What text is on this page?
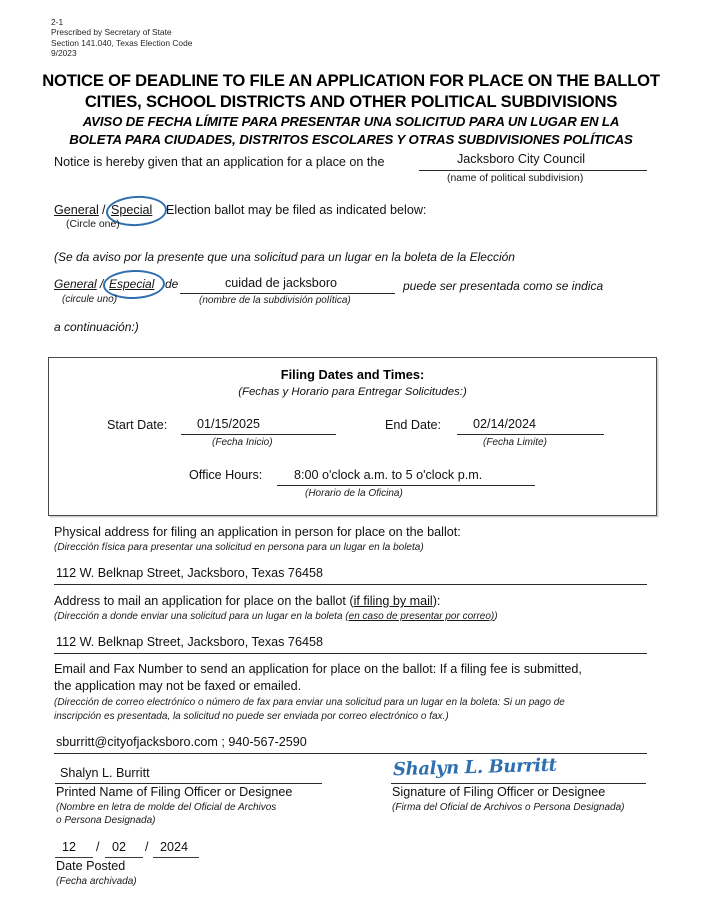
2-1
Prescribed by Secretary of State
Section 141.040, Texas Election Code
9/2023
NOTICE OF DEADLINE TO FILE AN APPLICATION FOR PLACE ON THE BALLOT
CITIES, SCHOOL DISTRICTS AND OTHER POLITICAL SUBDIVISIONS
AVISO DE FECHA LÍMITE PARA PRESENTAR UNA SOLICITUD PARA UN LUGAR EN LA
BOLETA PARA CIUDADES, DISTRITOS ESCOLARES Y OTRAS SUBDIVISIONES POLÍTICAS
Notice is hereby given that an application for a place on the	Jacksboro City Council
(name of political subdivision)
General / Special Election ballot may be filed as indicated below:
(Circle one)
(Se da aviso por la presente que una solicitud para un lugar en la boleta de la Elección
General / Especial de	cuidad de jacksboro
(nombre de la subdivisión política)
puede ser presentada como se indica
(circule uno)
a continuación:)
Filing Dates and Times:
(Fechas y Horario para Entregar Solicitudes:)
Start Date: 01/15/2025
(Fecha Inicio)
End Date:	02/14/2024
(Fecha Limite)
Office Hours:	8:00 o'clock a.m. to 5 o'clock p.m.
(Horario de la Oficina)
Physical address for filing an application in person for place on the ballot:
(Dirección física para presentar una solicitud en persona para un lugar en la boleta)
112 W. Belknap Street, Jacksboro, Texas 76458
Address to mail an application for place on the ballot (if filing by mail):
(Dirección a donde enviar una solicitud para un lugar en la boleta (en caso de presentar por correo))
112 W. Belknap Street, Jacksboro, Texas 76458
Email and Fax Number to send an application for place on the ballot: If a filing fee is submitted,
the application may not be faxed or emailed.
(Dirección de correo electrónico o número de fax para enviar una solicitud para un lugar en la boleta: Si un pago de
inscripción es presentada, la solicitud no puede ser enviada por correo electrónico o fax.)
sburritt@cityofjacksboro.com ; 940-567-2590
Shalyn L. Burritt
Printed Name of Filing Officer or Designee
(Nombre en letra de molde del Oficial de Archivos
o Persona Designada)
Shalyn L. Burritt
Signature of Filing Officer or Designee
(Firma del Oficial de Archivos o Persona Designada)
12 / 02 / 2024
Date Posted
(Fecha archivada)
